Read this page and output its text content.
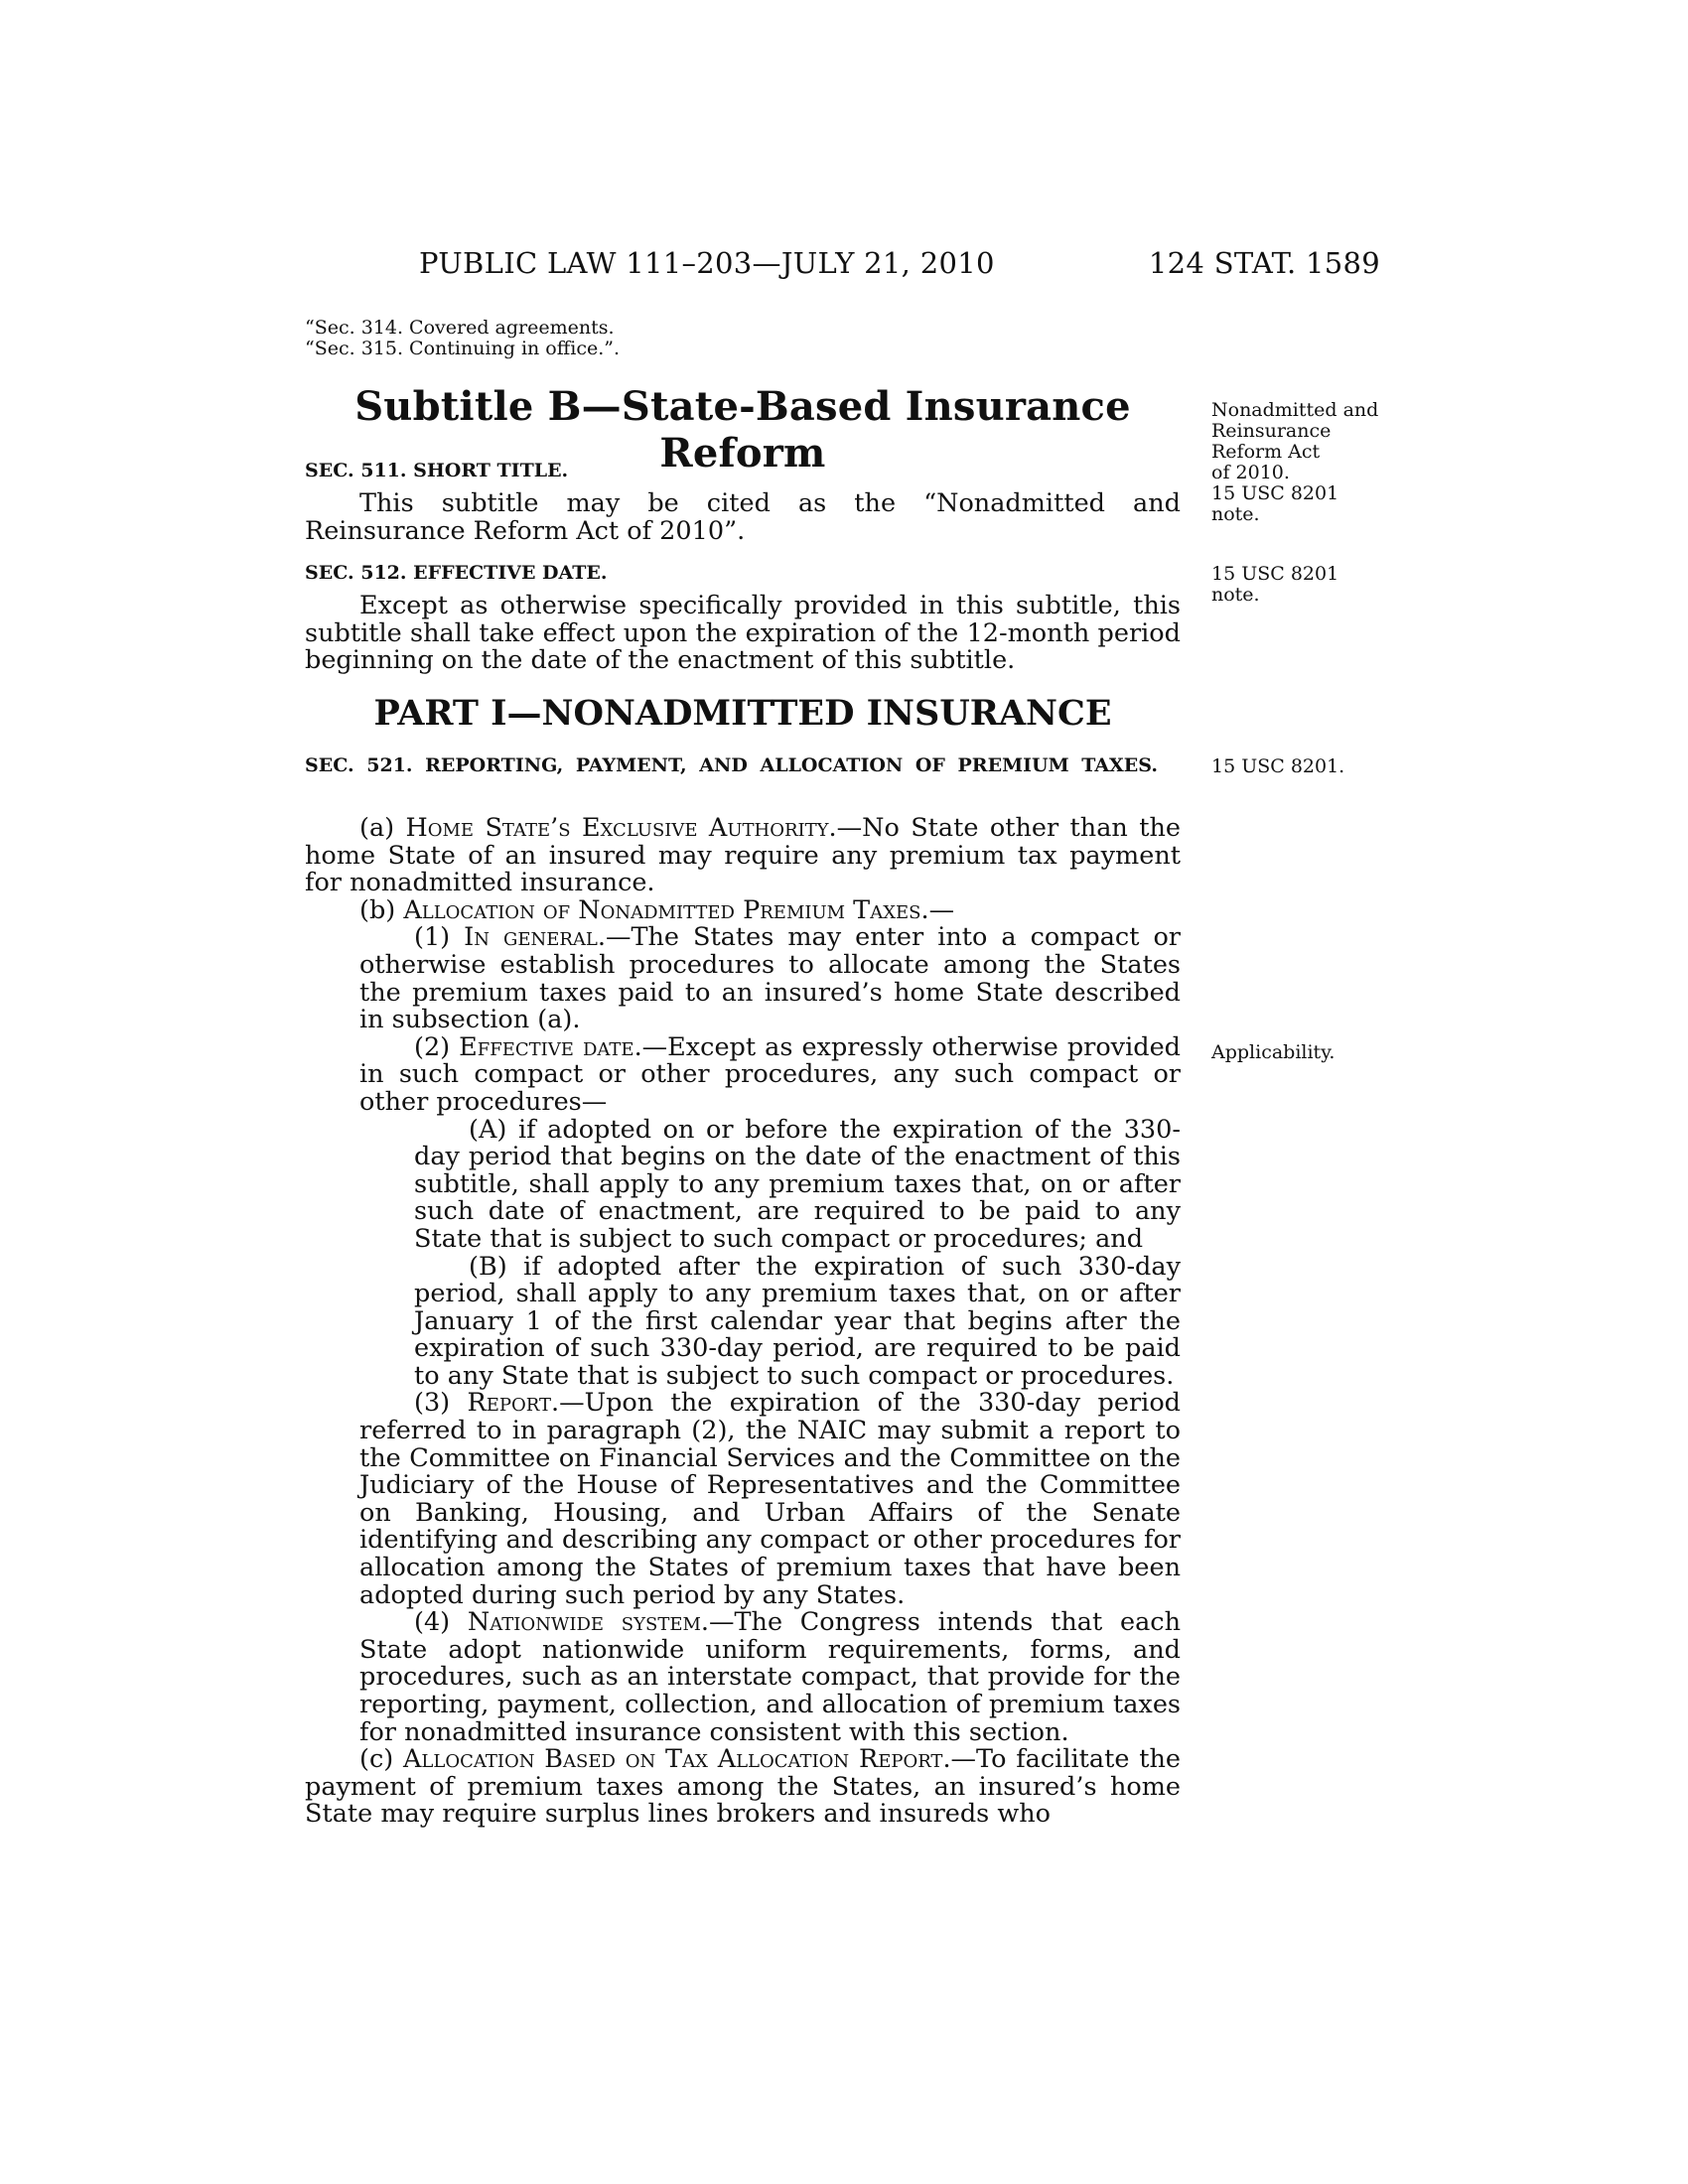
PUBLIC LAW 111–203—JULY 21, 2010	124 STAT. 1589
“Sec. 314. Covered agreements.
“Sec. 315. Continuing in office.”.
Subtitle B—State-Based Insurance Reform
SEC. 511. SHORT TITLE.

This subtitle may be cited as the “Nonadmitted and Reinsurance Reform Act of 2010”.

SEC. 512. EFFECTIVE DATE.

Except as otherwise specifically provided in this subtitle, this subtitle shall take effect upon the expiration of the 12-month period beginning on the date of the enactment of this subtitle.

PART I—NONADMITTED INSURANCE
SEC. 521. REPORTING, PAYMENT, AND ALLOCATION OF PREMIUM TAXES.

(a) Home State’s Exclusive Authority.—No State other than the home State of an insured may require any premium tax payment for nonadmitted insurance.

(b) Allocation of Nonadmitted Premium Taxes.—

(1) In general.—The States may enter into a compact or otherwise establish procedures to allocate among the States the premium taxes paid to an insured’s home State described in subsection (a).

(2) Effective date.—Except as expressly otherwise provided in such compact or other procedures, any such compact or other procedures—

(A) if adopted on or before the expiration of the 330-day period that begins on the date of the enactment of this subtitle, shall apply to any premium taxes that, on or after such date of enactment, are required to be paid to any State that is subject to such compact or procedures; and

(B) if adopted after the expiration of such 330-day period, shall apply to any premium taxes that, on or after January 1 of the first calendar year that begins after the expiration of such 330-day period, are required to be paid to any State that is subject to such compact or procedures.

(3) Report.—Upon the expiration of the 330-day period referred to in paragraph (2), the NAIC may submit a report to the Committee on Financial Services and the Committee on the Judiciary of the House of Representatives and the Committee on Banking, Housing, and Urban Affairs of the Senate identifying and describing any compact or other procedures for allocation among the States of premium taxes that have been adopted during such period by any States.

(4) Nationwide system.—The Congress intends that each State adopt nationwide uniform requirements, forms, and procedures, such as an interstate compact, that provide for the reporting, payment, collection, and allocation of premium taxes for nonadmitted insurance consistent with this section.

(c) Allocation Based on Tax Allocation Report.—To facilitate the payment of premium taxes among the States, an insured’s home State may require surplus lines brokers and insureds who

Nonadmitted and
Reinsurance
Reform Act
of 2010.
15 USC 8201
note.
15 USC 8201
note.
15 USC 8201.
Applicability.
